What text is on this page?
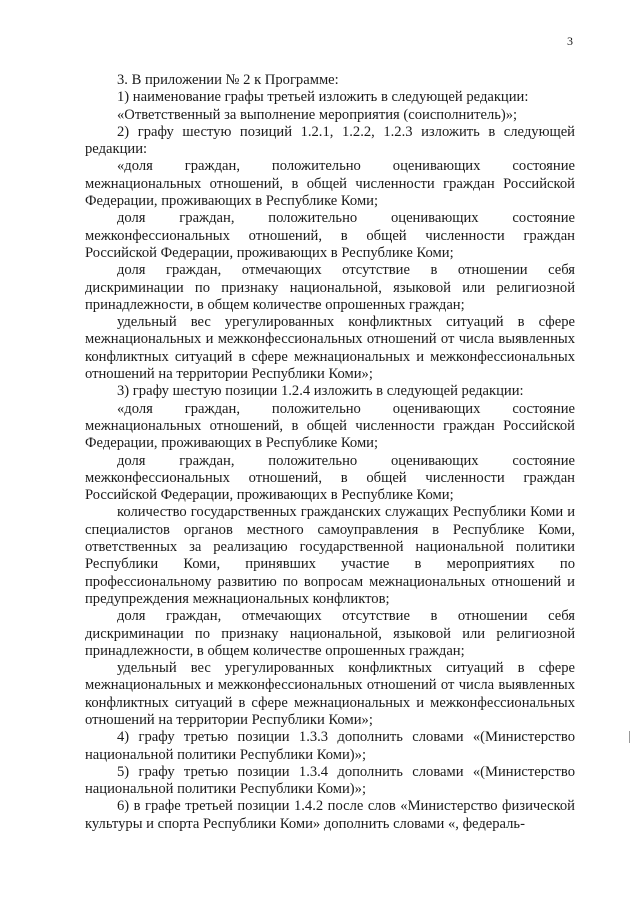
3

3. В приложении № 2 к Программе:

1) наименование графы третьей изложить в следующей редакции:

«Ответственный за выполнение мероприятия (соисполнитель)»;

2) графу шестую позиций 1.2.1, 1.2.2, 1.2.3 изложить в следующей редакции:

«доля граждан, положительно оценивающих состояние межнациональных отношений, в общей численности граждан Российской Федерации, проживающих в Республике Коми;

доля граждан, положительно оценивающих состояние межконфессиональных отношений, в общей численности граждан Российской Федерации, проживающих в Республике Коми;

доля граждан, отмечающих отсутствие в отношении себя дискриминации по признаку национальной, языковой или религиозной принадлежности, в общем количестве опрошенных граждан;

удельный вес урегулированных конфликтных ситуаций в сфере межнациональных и межконфессиональных отношений от числа выявленных конфликтных ситуаций в сфере межнациональных и межконфессиональных отношений на территории Республики Коми»;

3) графу шестую позиции 1.2.4 изложить в следующей редакции:

«доля граждан, положительно оценивающих состояние межнациональных отношений, в общей численности граждан Российской Федерации, проживающих в Республике Коми;

доля граждан, положительно оценивающих состояние межконфессиональных отношений, в общей численности граждан Российской Федерации, проживающих в Республике Коми;

количество государственных гражданских служащих Республики Коми и специалистов органов местного самоуправления в Республике Коми, ответственных за реализацию государственной национальной политики Республики Коми, принявших участие в мероприятиях по профессиональному развитию по вопросам межнациональных отношений и предупреждения межнациональных конфликтов;

доля граждан, отмечающих отсутствие в отношении себя дискриминации по признаку национальной, языковой или религиозной принадлежности, в общем количестве опрошенных граждан;

удельный вес урегулированных конфликтных ситуаций в сфере межнациональных и межконфессиональных отношений от числа выявленных конфликтных ситуаций в сфере межнациональных и межконфессиональных отношений на территории Республики Коми»;

4) графу третью позиции 1.3.3 дополнить словами «(Министерство национальной политики Республики Коми)»;

5) графу третью позиции 1.3.4 дополнить словами «(Министерство национальной политики Республики Коми)»;

6) в графе третьей позиции 1.4.2 после слов «Министерство физической культуры и спорта Республики Коми» дополнить словами «, федераль-
